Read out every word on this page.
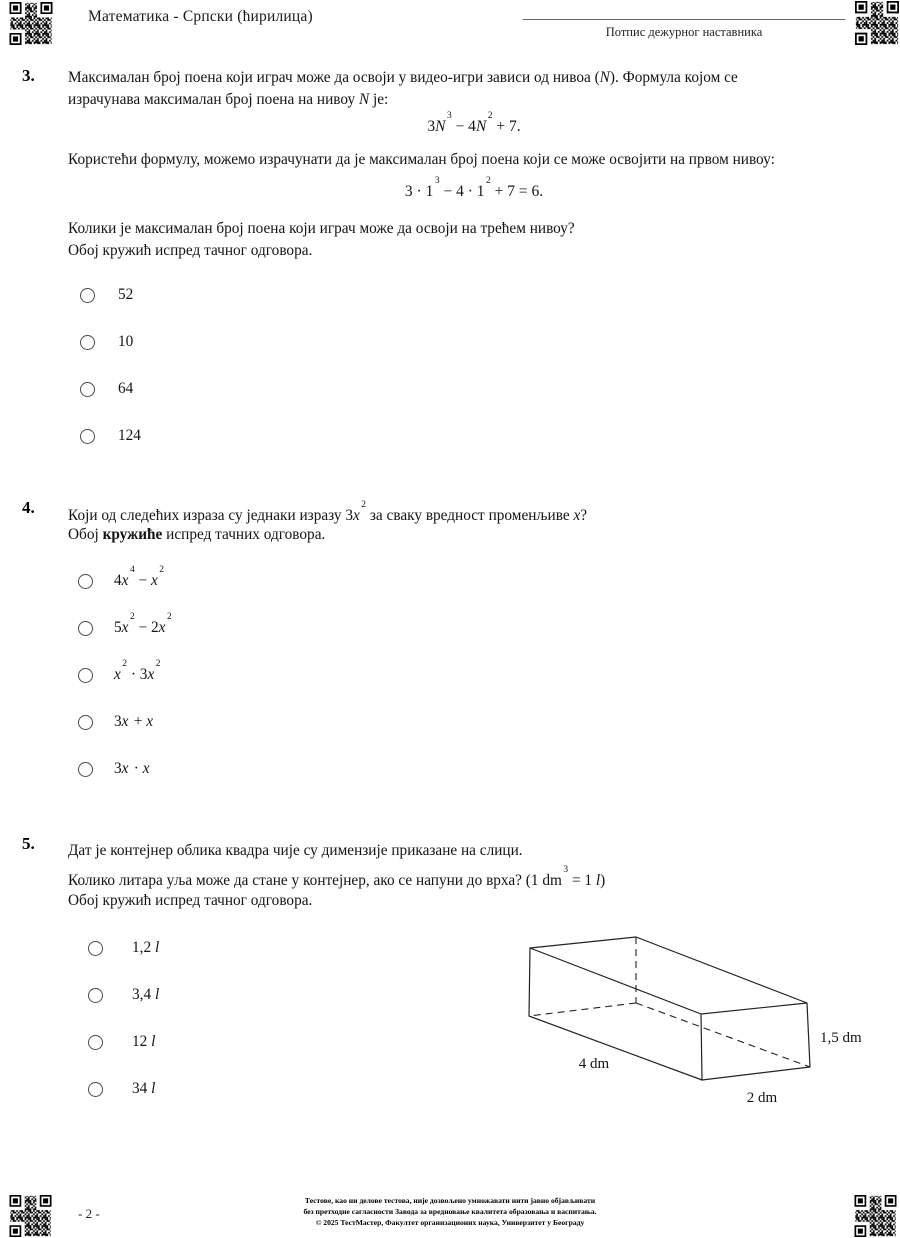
Математика - Српски (ћирилица)
Потпис дежурног наставника
3. Максималан број поена који играч може да освоји у видео-игри зависи од нивоа (N). Формула којом се
израчунава максималан број поена на нивоу N је:
$3N^3 - 4N^2 + 7$.
Користећи формулу, можемо израчунати да је максималан број поена који се може освојити на првом нивоу:
$3 \cdot 1^3 - 4 \cdot 1^2 + 7 = 6$.
Колики је максималан број поена који играч може да освоји на трећем нивоу?
Обој кружић испред тачног одговора.
52
10
64
124
4. Који од следећих израза су једнаки изразу $3x^2$ за сваку вредност променљиве x?
Обој кружиће испред тачних одговора.
$4x^4 - x^2$
$5x^2 - 2x^2$
$x^2 \cdot 3x^2$
3x + x
3x · x
5. Дат је контејнер облика квадра чије су димензије приказане на слици.
Колико литара уља може да стане у контејнер, ако се напуни до врха? (1 $dm^3 = 1$ l)
Обој кружић испред тачног одговора.
1,2 l
3,4 l
12 l
34 l
4 dm
2 dm
1,5 dm
- 2 -
Тестове, као ни делове тестова, није дозвољено умножавати нити јавно објављивати
без претходне сагласности Завода за вредновање квалитета образовања и васпитања.
© 2025 ТестМастер, Факултет организационих наука, Универзитет у Београду
